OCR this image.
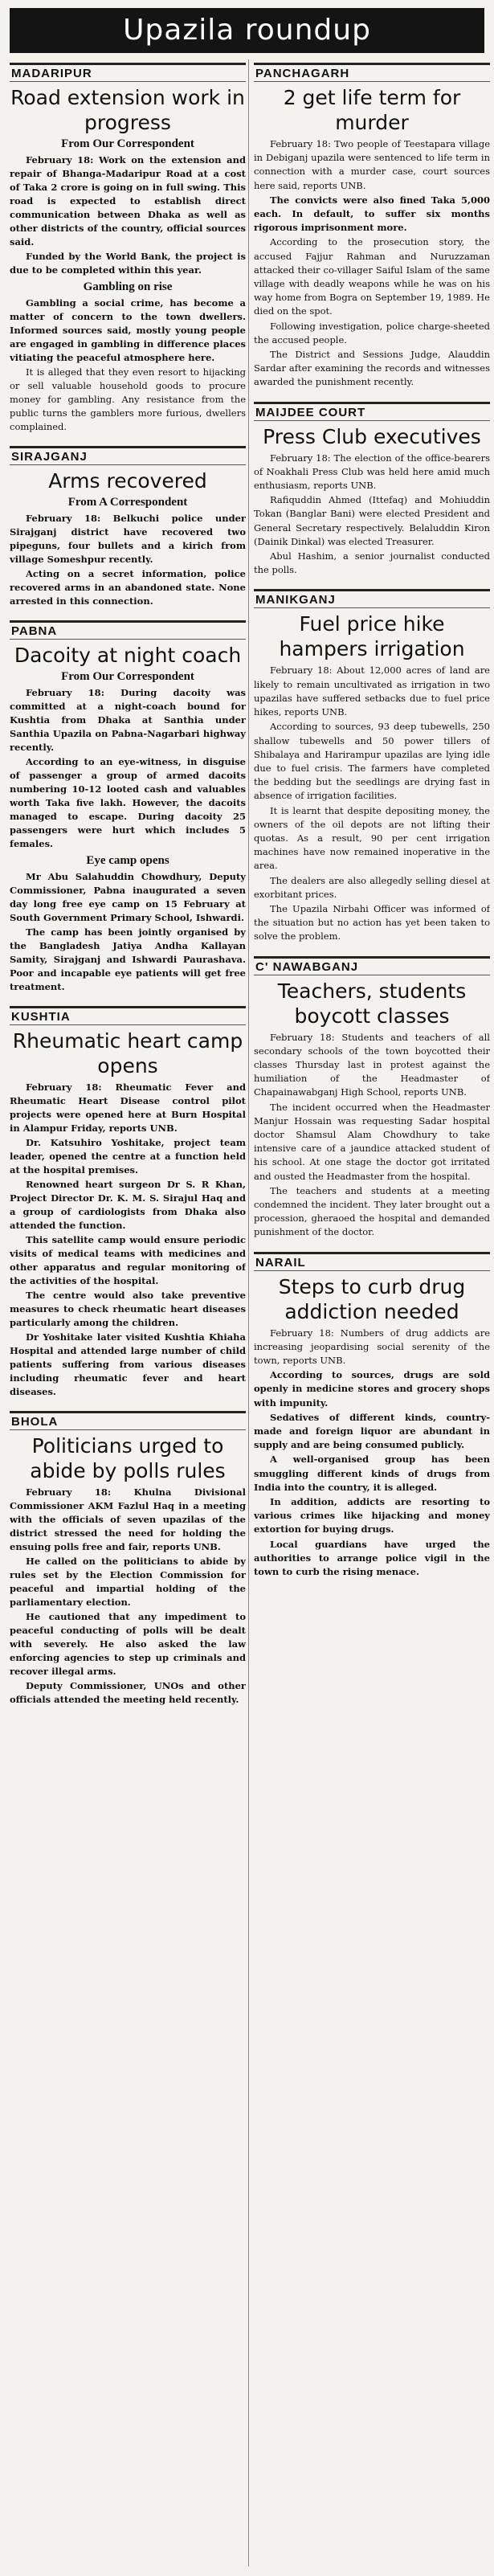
Upazila roundup
MADARIPUR
Road extension work in progress
From Our Correspondent

February 18: Work on the extension and repair of Bhanga-Madaripur Road at a cost of Taka 2 crore is going on in full swing. This road is expected to establish direct communication between Dhaka as well as other districts of the country, official sources said.

Funded by the World Bank, the project is due to be completed within this year.

Gambling on rise

Gambling a social crime, has become a matter of concern to the town dwellers. Informed sources said, mostly young people are engaged in gambling in difference places vitiating the peaceful atmosphere here.

It is alleged that they even resort to hijacking or sell valuable household goods to procure money for gambling. Any resistance from the public turns the gamblers more furious, dwellers complained.

SIRAJGANJ
Arms recovered
From A Correspondent

February 18: Belkuchi police under Sirajganj district have recovered two pipeguns, four bullets and a kirich from village Someshpur recently.

Acting on a secret information, police recovered arms in an abandoned state. None arrested in this connection.

PABNA
Dacoity at night coach
From Our Correspondent

February 18: During dacoity was committed at a night-coach bound for Kushtia from Dhaka at Santhia under Santhia Upazila on Pabna-Nagarbari highway recently.

According to an eye-witness, in disguise of passenger a group of armed dacoits numbering 10-12 looted cash and valuables worth Taka five lakh. However, the dacoits managed to escape. During dacoity 25 passengers were hurt which includes 5 females.

Eye camp opens

Mr Abu Salahuddin Chowdhury, Deputy Commissioner, Pabna inaugurated a seven day long free eye camp on 15 February at South Government Primary School, Ishwardi.

The camp has been jointly organised by the Bangladesh Jatiya Andha Kallayan Samity, Sirajganj and Ishwardi Paurashava. Poor and incapable eye patients will get free treatment.

KUSHTIA
Rheumatic heart camp opens

February 18: Rheumatic Fever and Rheumatic Heart Disease control pilot projects were opened here at Burn Hospital in Alampur Friday, reports UNB.

Dr. Katsuhiro Yoshitake, project team leader, opened the centre at a function held at the hospital premises.

Renowned heart surgeon Dr S. R Khan, Project Director Dr. K. M. S. Sirajul Haq and a group of cardiologists from Dhaka also attended the function.

This satellite camp would ensure periodic visits of medical teams with medicines and other apparatus and regular monitoring of the activities of the hospital.

The centre would also take preventive measures to check rheumatic heart diseases particularly among the children.

Dr Yoshitake later visited Kushtia Khiaha Hospital and attended large number of child patients suffering from various diseases including rheumatic fever and heart diseases.

BHOLA
Politicians urged to abide by polls rules

February 18: Khulna Divisional Commissioner AKM Fazlul Haq in a meeting with the officials of seven upazilas of the district stressed the need for holding the ensuing polls free and fair, reports UNB.

He called on the politicians to abide by rules set by the Election Commission for peaceful and impartial holding of the parliamentary election.

He cautioned that any impediment to peaceful conducting of polls will be dealt with severely. He also asked the law enforcing agencies to step up criminals and recover illegal arms.

Deputy Commissioner, UNOs and other officials attended the meeting held recently.

PANCHAGARH
2 get life term for murder

February 18: Two people of Teestapara village in Debiganj upazila were sentenced to life term in connection with a murder case, court sources here said, reports UNB.

The convicts were also fined Taka 5,000 each. In default, to suffer six months rigorous imprisonment more.

According to the prosecution story, the accused Fajjur Rahman and Nuruzzaman attacked their co-villager Saiful Islam of the same village with deadly weapons while he was on his way home from Bogra on September 19, 1989. He died on the spot.

Following investigation, police charge-sheeted the accused people.

The District and Sessions Judge, Alauddin Sardar after examining the records and witnesses awarded the punishment recently.

MAIJDEE COURT
Press Club executives

February 18: The election of the office-bearers of Noakhali Press Club was held here amid much enthusiasm, reports UNB.

Rafiquddin Ahmed (Ittefaq) and Mohiuddin Tokan (Banglar Bani) were elected President and General Secretary respectively. Belaluddin Kiron (Dainik Dinkal) was elected Treasurer.

Abul Hashim, a senior journalist conducted the polls.

MANIKGANJ
Fuel price hike hampers irrigation

February 18: About 12,000 acres of land are likely to remain uncultivated as irrigation in two upazilas have suffered setbacks due to fuel price hikes, reports UNB.

According to sources, 93 deep tubewells, 250 shallow tubewells and 50 power tillers of Shibalaya and Harirampur upazilas are lying idle due to fuel crisis. The farmers have completed the bedding but the seedlings are drying fast in absence of irrigation facilities.

It is learnt that despite depositing money, the owners of the oil depots are not lifting their quotas. As a result, 90 per cent irrigation machines have now remained inoperative in the area.

The dealers are also allegedly selling diesel at exorbitant prices.

The Upazila Nirbahi Officer was informed of the situation but no action has yet been taken to solve the problem.

C' NAWABGANJ
Teachers, students boycott classes

February 18: Students and teachers of all secondary schools of the town boycotted their classes Thursday last in protest against the humiliation of the Headmaster of Chapainawabganj High School, reports UNB.

The incident occurred when the Headmaster Manjur Hossain was requesting Sadar hospital doctor Shamsul Alam Chowdhury to take intensive care of a jaundice attacked student of his school. At one stage the doctor got irritated and ousted the Headmaster from the hospital.

The teachers and students at a meeting condemned the incident. They later brought out a procession, gheraoed the hospital and demanded punishment of the doctor.

NARAIL
Steps to curb drug addiction needed

February 18: Numbers of drug addicts are increasing jeopardising social serenity of the town, reports UNB.

According to sources, drugs are sold openly in medicine stores and grocery shops with impunity.

Sedatives of different kinds, country-made and foreign liquor are abundant in supply and are being consumed publicly.

A well-organised group has been smuggling different kinds of drugs from India into the country, it is alleged.

In addition, addicts are resorting to various crimes like hijacking and money extortion for buying drugs.

Local guardians have urged the authorities to arrange police vigil in the town to curb the rising menace.
